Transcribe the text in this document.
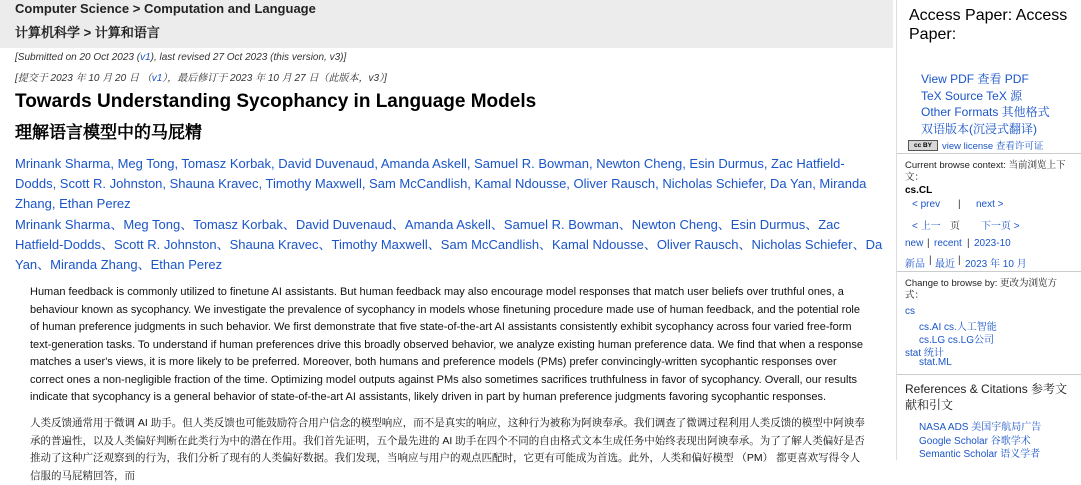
Computer Science > Computation and Language
计算机科学 > 计算和语言
[Submitted on 20 Oct 2023 (v1), last revised 27 Oct 2023 (this version, v3)]
[提交于 2023 年 10 月 20 日 （v1），最后修订于 2023 年 10 月 27 日（此版本，v3）]
Towards Understanding Sycophancy in Language Models
理解语言模型中的马屁精
Mrinank Sharma, Meg Tong, Tomasz Korbak, David Duvenaud, Amanda Askell, Samuel R. Bowman, Newton Cheng, Esin Durmus, Zac Hatfield-Dodds, Scott R. Johnston, Shauna Kravec, Timothy Maxwell, Sam McCandlish, Kamal Ndousse, Oliver Rausch, Nicholas Schiefer, Da Yan, Miranda Zhang, Ethan Perez
Mrinank Sharma、Meg Tong、Tomasz Korbak、David Duvenaud、Amanda Askell、Samuel R. Bowman、Newton Cheng、Esin Durmus、Zac Hatfield-Dodds、Scott R. Johnston、Shauna Kravec、Timothy Maxwell、Sam McCandlish、Kamal Ndousse、Oliver Rausch、Nicholas Schiefer、Da Yan、Miranda Zhang、Ethan Perez
Human feedback is commonly utilized to finetune AI assistants. But human feedback may also encourage model responses that match user beliefs over truthful ones, a behaviour known as sycophancy. We investigate the prevalence of sycophancy in models whose finetuning procedure made use of human feedback, and the potential role of human preference judgments in such behavior. We first demonstrate that five state-of-the-art AI assistants consistently exhibit sycophancy across four varied free-form text-generation tasks. To understand if human preferences drive this broadly observed behavior, we analyze existing human preference data. We find that when a response matches a user's views, it is more likely to be preferred. Moreover, both humans and preference models (PMs) prefer convincingly-written sycophantic responses over correct ones a non-negligible fraction of the time. Optimizing model outputs against PMs also sometimes sacrifices truthfulness in favor of sycophancy. Overall, our results indicate that sycophancy is a general behavior of state-of-the-art AI assistants, likely driven in part by human preference judgments favoring sycophantic responses.
人类反馈通常用于微调 AI 助手。但人类反馈也可能鼓励符合用户信念的模型响应，而不是真实的响应，这种行为被称为阿谀奉承。我们调查了微调过程利用人类反馈的模型中阿谀奉承的普遍性，以及人类偏好判断在此类行为中的潜在作用。我们首先证明，五个最先进的 AI 助手在四个不同的自由格式文本生成任务中始终表现出阿谀奉承。为了了解人类偏好是否推动了这种广泛观察到的行为，我们分析了现有的人类偏好数据。我们发现，当响应与用户的观点匹配时，它更有可能成为首选。此外，人类和偏好模型 （PM） 都更喜欢写得令人信服的马屁精回答，而
Access Paper: Access Paper:
View PDF 查看 PDF
TeX Source TeX 源
Other Formats 其他格式
双语版本(沉浸式翻译)
cc BY	view license 查看许可证
Current browse context: 当前浏览上下文：
cs.CL
< prev | next >
< 上一 页 下一页 >
new | recent | 2023-10
新品 | 最近 | 2023 年 10 月
Change to browse by: 更改为浏览方式：
cs
cs.AI cs.人工智能
cs.LG cs.LG公司
stat 统计
stat.ML
References & Citations 参考文献和引文
NASA ADS 美国宇航局广告
Google Scholar 谷歌学术
Semantic Scholar 语义学者
